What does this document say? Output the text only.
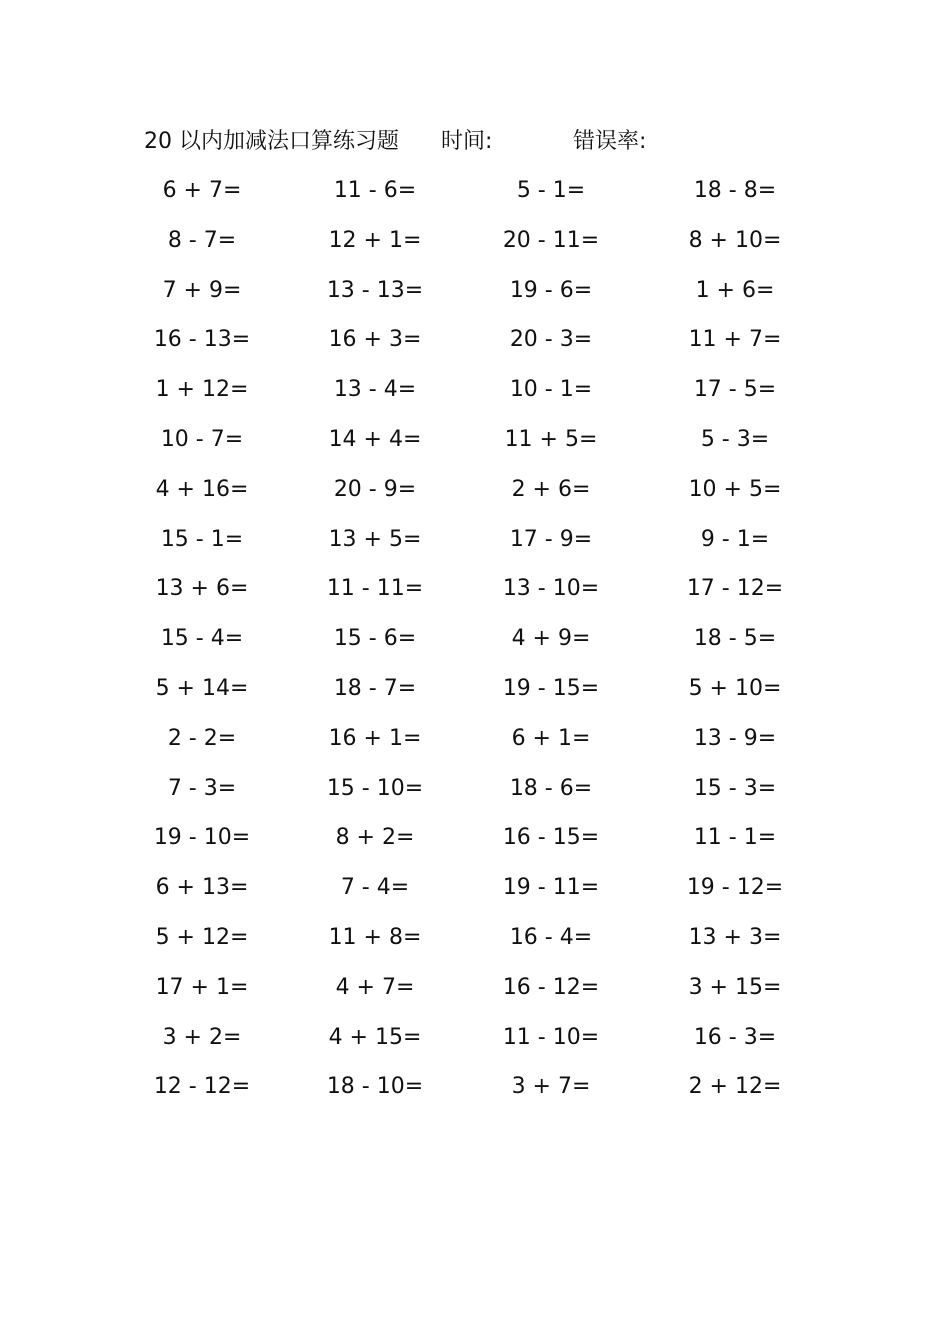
20 以内加减法口算练习题 时间:	错误率:
6 + 7=	11 - 6=	5 - 1=	18 - 8=
8 - 7=	12 + 1=	20 - 11=	8 + 10=
7 + 9=	13 - 13=	19 - 6=	1 + 6=
16 - 13=	16 + 3=	20 - 3=	11 + 7=
1 + 12=	13 - 4=	10 - 1=	17 - 5=
10 - 7=	14 + 4=	11 + 5=	5 - 3=
4 + 16=	20 - 9=	2 + 6=	10 + 5=
15 - 1=	13 + 5=	17 - 9=	9 - 1=
13 + 6=	11 - 11=	13 - 10=	17 - 12=
15 - 4=	15 - 6=	4 + 9=	18 - 5=
5 + 14=	18 - 7=	19 - 15=	5 + 10=
2 - 2=	16 + 1=	6 + 1=	13 - 9=
7 - 3=	15 - 10=	18 - 6=	15 - 3=
19 - 10=	8 + 2=	16 - 15=	11 - 1=
6 + 13=	7 - 4=	19 - 11=	19 - 12=
5 + 12=	11 + 8=	16 - 4=	13 + 3=
17 + 1=	4 + 7=	16 - 12=	3 + 15=
3 + 2=	4 + 15=	11 - 10=	16 - 3=
12 - 12=	18 - 10=	3 + 7=	2 + 12=
